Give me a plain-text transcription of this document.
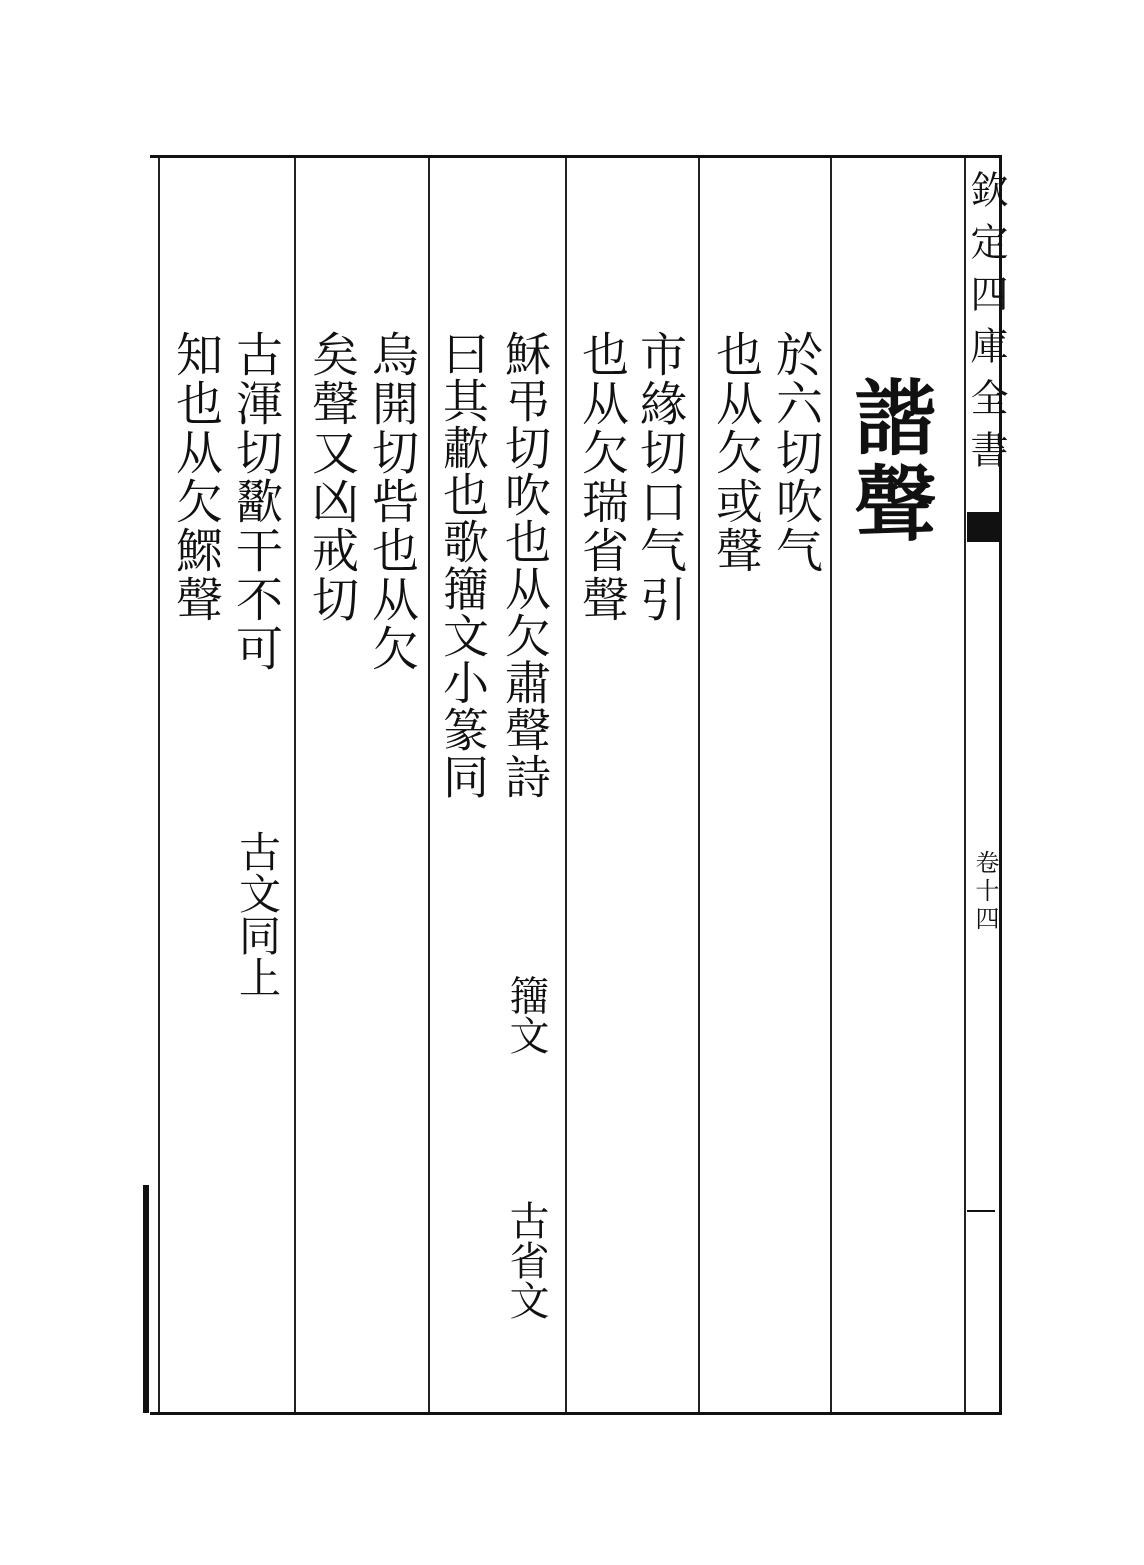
欽定四庫全書
卷十四
諧聲
於六切吹气
也从欠或聲
市緣切口气引
也从欠瑞省聲
穌弔切吹也从欠肅聲詩
曰其歗也歌籒文小篆同
籒文
古省文
烏開切呰也从欠
矣聲又凶戒切
古渾切歠干不可
知也从欠鰥聲
古文同上
